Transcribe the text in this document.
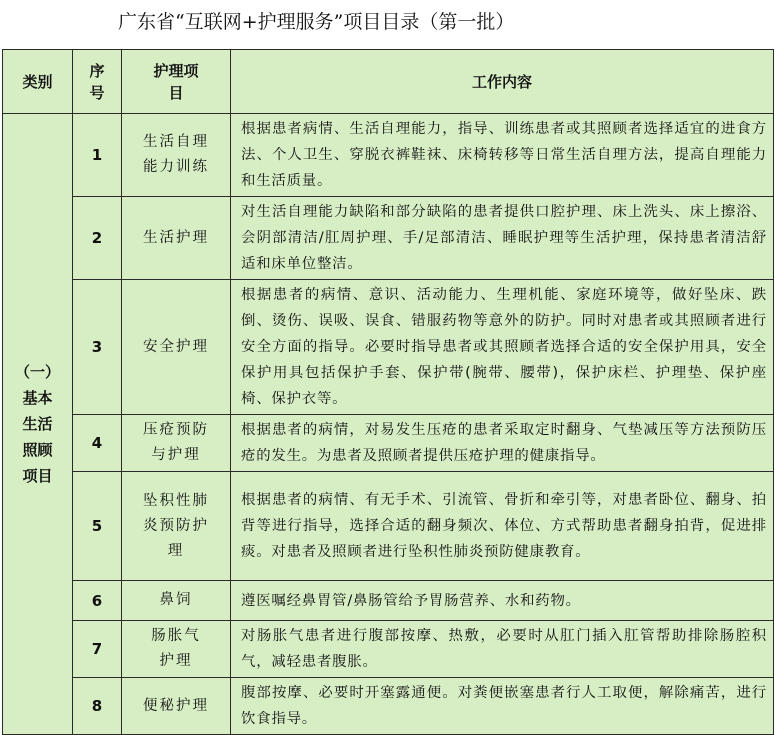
广东省“互联网+护理服务”项目目录（第一批）
类别	序号	护理项目	工作内容

（一）
基本
生活
照顾
项目	1	生活自理能力训练	根据患者病情、生活自理能力，指导、训练患者或其照顾者选择适宜的进食方法、个人卫生、穿脱衣裤鞋袜、床椅转移等日常生活自理方法，提高自理能力和生活质量。
	2	生活护理	对生活自理能力缺陷和部分缺陷的患者提供口腔护理、床上洗头、床上擦浴、会阴部清洁/肛周护理、手/足部清洁、睡眠护理等生活护理，保持患者清洁舒适和床单位整洁。
	3	安全护理	根据患者的病情、意识、活动能力、生理机能、家庭环境等，做好坠床、跌倒、烫伤、误吸、误食、错服药物等意外的防护。同时对患者或其照顾者进行安全方面的指导。必要时指导患者或其照顾者选择合适的安全保护用具，安全保护用具包括保护手套、保护带(腕带、腰带)，保护床栏、护理垫、保护座椅、保护衣等。
	4	压疮预防与护理	根据患者的病情，对易发生压疮的患者采取定时翻身、气垫减压等方法预防压疮的发生。为患者及照顾者提供压疮护理的健康指导。
	5	坠积性肺炎预防护理	根据患者的病情、有无手术、引流管、骨折和牵引等，对患者卧位、翻身、拍背等进行指导，选择合适的翻身频次、体位、方式帮助患者翻身拍背，促进排痰。对患者及照顾者进行坠积性肺炎预防健康教育。
	6	鼻饲	遵医嘱经鼻胃管/鼻肠管给予胃肠营养、水和药物。
	7	肠胀气护理	对肠胀气患者进行腹部按摩、热敷，必要时从肛门插入肛管帮助排除肠腔积气，减轻患者腹胀。
	8	便秘护理	腹部按摩、必要时开塞露通便。对粪便嵌塞患者行人工取便，解除痛苦，进行饮食指导。
